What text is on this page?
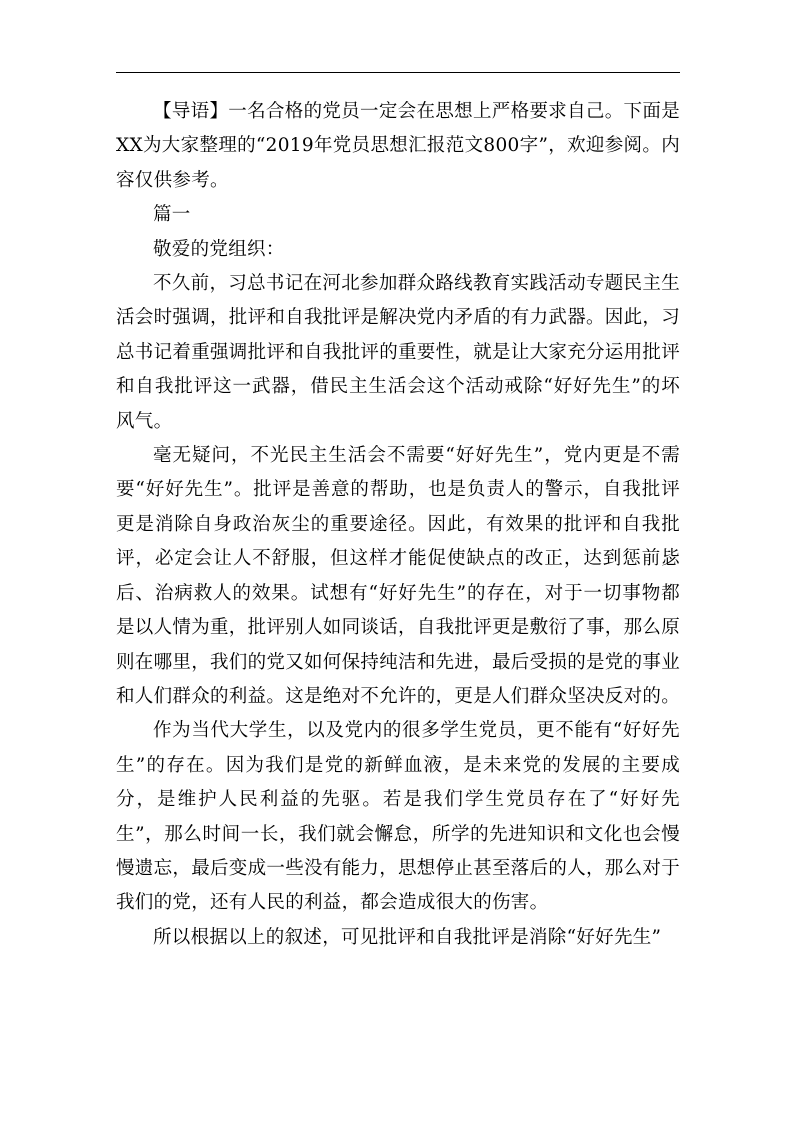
【导语】一名合格的党员一定会在思想上严格要求自己。下面是XX为大家整理的“2019年党员思想汇报范文800字”，欢迎参阅。内容仅供参考。

篇一

敬爱的党组织：

不久前，习总书记在河北参加群众路线教育实践活动专题民主生活会时强调，批评和自我批评是解决党内矛盾的有力武器。因此，习总书记着重强调批评和自我批评的重要性，就是让大家充分运用批评和自我批评这一武器，借民主生活会这个活动戒除“好好先生”的坏风气。

毫无疑问，不光民主生活会不需要“好好先生”，党内更是不需要“好好先生”。批评是善意的帮助，也是负责人的警示，自我批评更是消除自身政治灰尘的重要途径。因此，有效果的批评和自我批评，必定会让人不舒服，但这样才能促使缺点的改正，达到惩前毖后、治病救人的效果。试想有“好好先生”的存在，对于一切事物都是以人情为重，批评别人如同谈话，自我批评更是敷衍了事，那么原则在哪里，我们的党又如何保持纯洁和先进，最后受损的是党的事业和人们群众的利益。这是绝对不允许的，更是人们群众坚决反对的。

作为当代大学生，以及党内的很多学生党员，更不能有“好好先生”的存在。因为我们是党的新鲜血液，是未来党的发展的主要成分，是维护人民利益的先驱。若是我们学生党员存在了“好好先生”，那么时间一长，我们就会懈怠，所学的先进知识和文化也会慢慢遗忘，最后变成一些没有能力，思想停止甚至落后的人，那么对于我们的党，还有人民的利益，都会造成很大的伤害。

所以根据以上的叙述，可见批评和自我批评是消除“好好先生”
